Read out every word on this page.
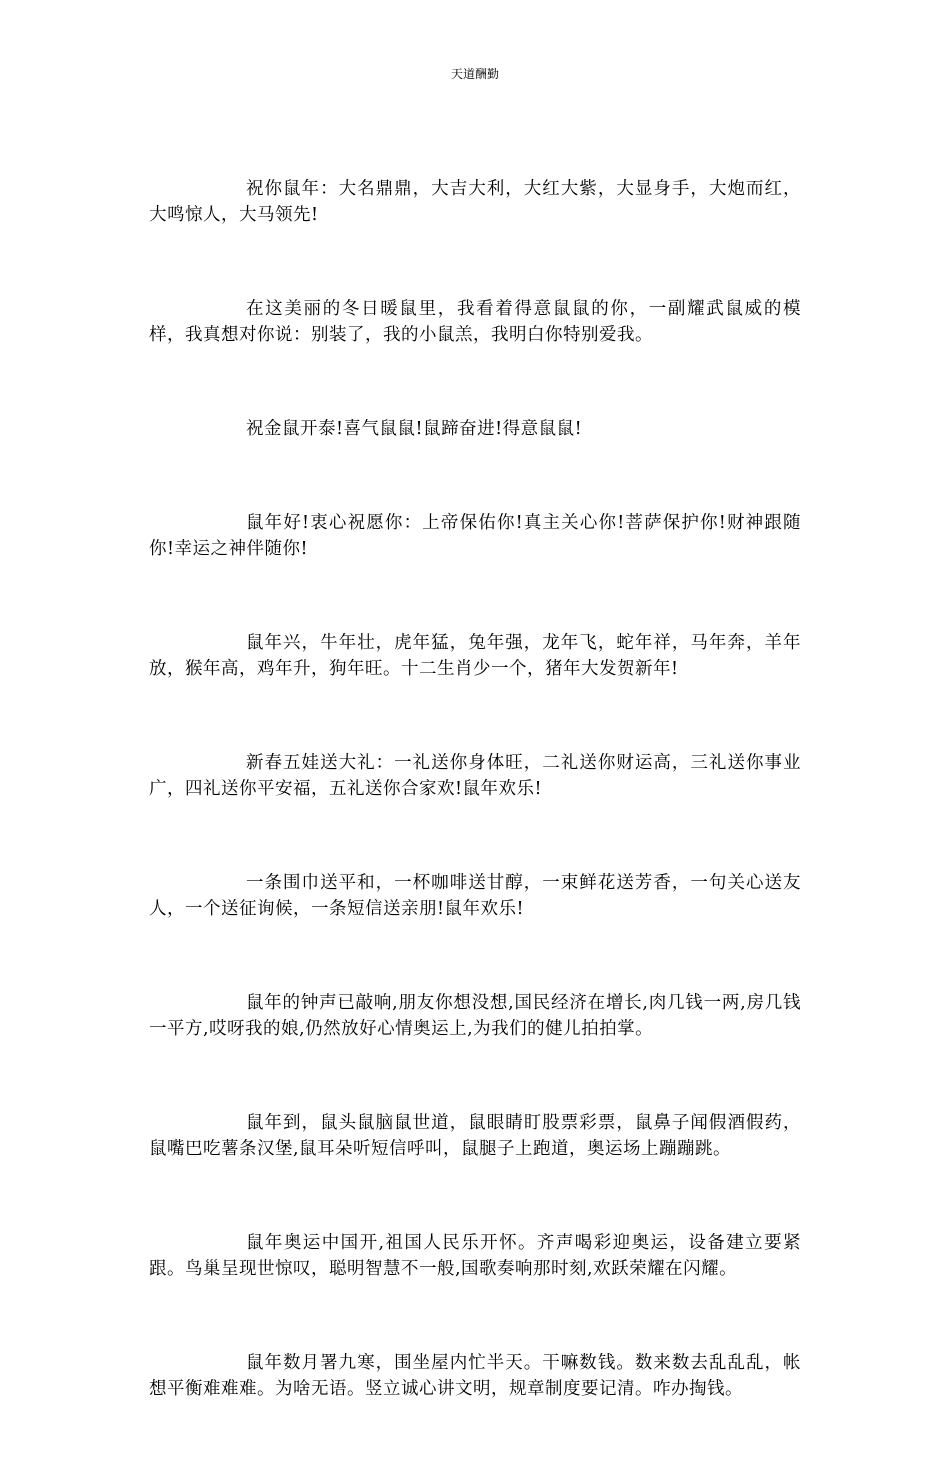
天道酬勤

祝你鼠年：大名鼎鼎，大吉大利，大红大紫，大显身手，大炮而红，大鸣惊人，大马领先!

在这美丽的冬日暖鼠里，我看着得意鼠鼠的你，一副耀武鼠威的模样，我真想对你说：别装了，我的小鼠羔，我明白你特别爱我。

祝金鼠开泰!喜气鼠鼠!鼠蹄奋进!得意鼠鼠!

鼠年好!衷心祝愿你：上帝保佑你!真主关心你!菩萨保护你!财神跟随你!幸运之神伴随你!

鼠年兴，牛年壮，虎年猛，兔年强，龙年飞，蛇年祥，马年奔，羊年放，猴年高，鸡年升，狗年旺。十二生肖少一个，猪年大发贺新年!

新春五娃送大礼：一礼送你身体旺，二礼送你财运高，三礼送你事业广，四礼送你平安福，五礼送你合家欢!鼠年欢乐!

一条围巾送平和，一杯咖啡送甘醇，一束鲜花送芳香，一句关心送友人，一个送征询候，一条短信送亲朋!鼠年欢乐!

鼠年的钟声已敲响,朋友你想没想,国民经济在增长,肉几钱一两,房几钱一平方,哎呀我的娘,仍然放好心情奥运上,为我们的健儿拍拍掌。

鼠年到，鼠头鼠脑鼠世道，鼠眼睛盯股票彩票，鼠鼻子闻假酒假药，鼠嘴巴吃薯条汉堡,鼠耳朵听短信呼叫，鼠腿子上跑道，奥运场上蹦蹦跳。

鼠年奥运中国开,祖国人民乐开怀。齐声喝彩迎奥运，设备建立要紧跟。鸟巢呈现世惊叹，聪明智慧不一般,国歌奏响那时刻,欢跃荣耀在闪耀。

鼠年数月署九寒，围坐屋内忙半天。干嘛数钱。数来数去乱乱乱，帐想平衡难难难。为啥无语。竖立诚心讲文明，规章制度要记清。咋办掏钱。
